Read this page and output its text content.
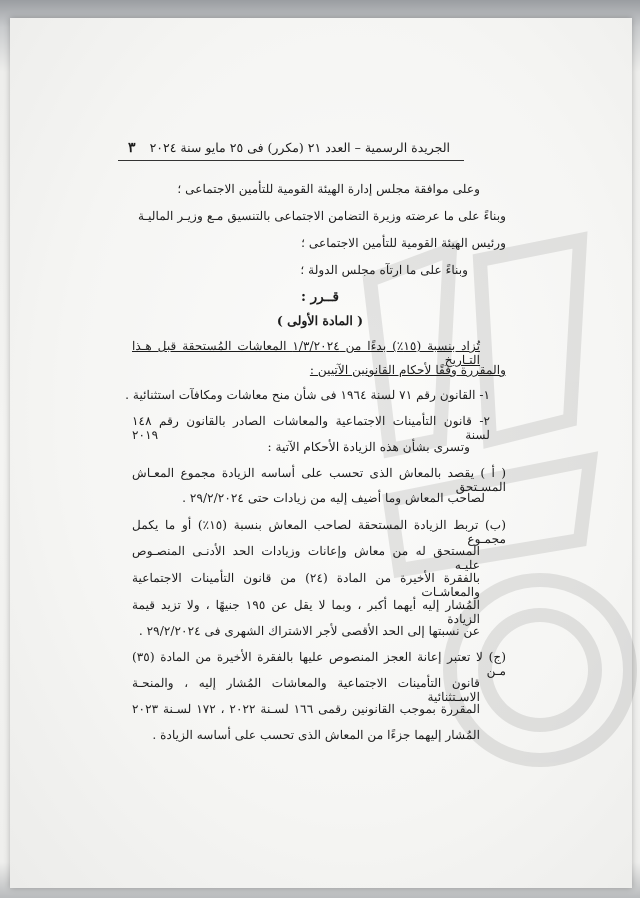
الجريدة الرسمية – العدد ٢١ (مكرر) فى ٢٥ مايو سنة ٢٠٢٤
٣
وعلى موافقة مجلس إدارة الهيئة القومية للتأمين الاجتماعى ؛
وبناءً على ما عرضته وزيرة التضامن الاجتماعى بالتنسيق مـع وزيـر الماليـة
ورئيس الهيئة القومية للتأمين الاجتماعى ؛
وبناءً على ما ارتآه مجلس الدولة ؛
قــرر :
( المادة الأولى )
تُزاد بنسبة (١٥٪) بدءًا من ١/٣/٢٠٢٤ المعاشات المُستحقة قبل هـذا التـاريخ
والمقررة وفقًا لأحكام القانونين الآتيين :
١- القانون رقم ٧١ لسنة ١٩٦٤ فى شأن منح معاشات ومكافآت استثنائية .
٢- قانون التأمينات الاجتماعية والمعاشات الصادر بالقانون رقم ١٤٨ لسنة ٢٠١٩
وتسرى بشأن هذه الزيادة الأحكام الآتية :
( أ ) يقصد بالمعاش الذى تحسب على أساسه الزيادة مجموع المعـاش المسـتحق
لصاحب المعاش وما أضيف إليه من زيادات حتى ٢٩/٢/٢٠٢٤ .
(ب) تربط الزيادة المستحقة لصاحب المعاش بنسبة (١٥٪) أو ما يكمل مجمـوع
المستحق له من معاش وإعانات وزيادات الحد الأدنـى المنصـوص عليـه
بالفقرة الأخيرة من المادة (٢٤) من قانون التأمينات الاجتماعية والمعاشـات
المُشار إليه أيهما أكبر ، وبما لا يقل عن ١٩٥ جنيهًا ، ولا تزيد قيمة الزيادة
عن نسبتها إلى الحد الأقصى لأجر الاشتراك الشهرى فى ٢٩/٢/٢٠٢٤ .
(ج) لا تعتبر إعانة العجز المنصوص عليها بالفقرة الأخيرة من المادة (٣٥) مـن
قانون التأمينات الاجتماعية والمعاشات المُشار إليه ، والمنحـة الاسـتثنائية
المقررة بموجب القانونين رقمى ١٦٦ لسـنة ٢٠٢٢ ، ١٧٢ لسـنة ٢٠٢٣
المُشار إليهما جزءًا من المعاش الذى تحسب على أساسه الزيادة .
